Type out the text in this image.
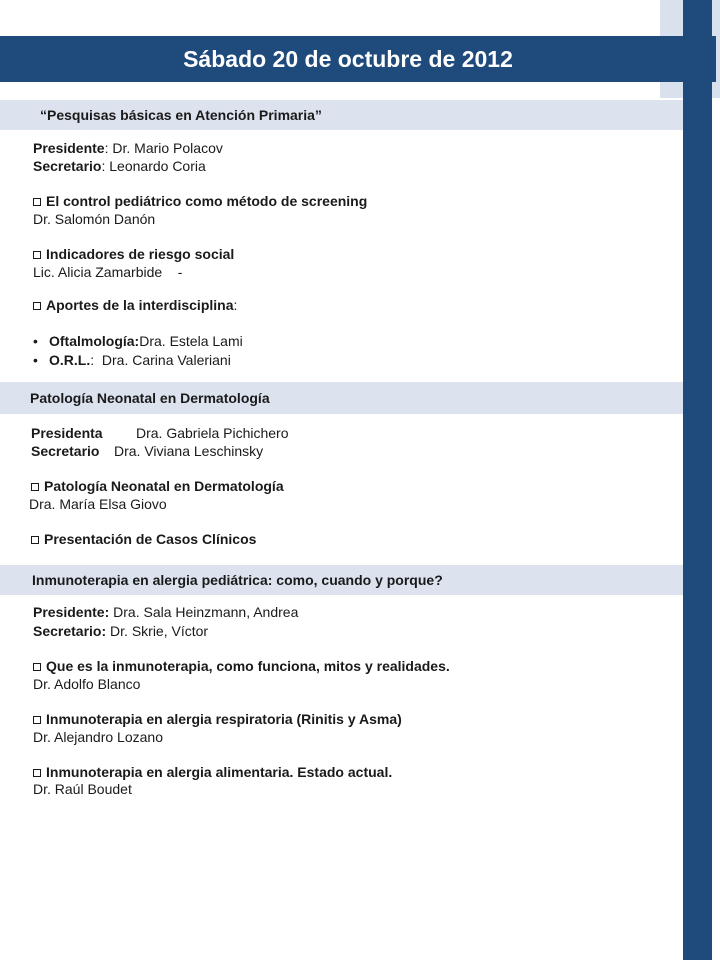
Sábado 20 de octubre de 2012
“Pesquisas básicas en Atención Primaria”
Presidente: Dr. Mario Polacov
Secretario: Leonardo Coria
El control pediátrico como método de screening
Dr. Salomón Danón
Indicadores de riesgo social
Lic. Alicia Zamarbide    -
Aportes de la interdisciplina:
• Oftalmología:Dra. Estela Lami
• O.R.L.:  Dra. Carina Valeriani
Patología Neonatal en Dermatología
Presidenta Dra. Gabriela Pichichero
Secretario Dra. Viviana Leschinsky
Patología Neonatal en Dermatología
Dra. María Elsa Giovo
Presentación de Casos Clínicos
Inmunoterapia en alergia pediátrica: como, cuando y porque?
Presidente: Dra. Sala Heinzmann, Andrea
Secretario: Dr. Skrie, Víctor
Que es la inmunoterapia, como funciona, mitos y realidades.
Dr. Adolfo Blanco
Inmunoterapia en alergia respiratoria (Rinitis y Asma)
Dr. Alejandro Lozano
Inmunoterapia en alergia alimentaria. Estado actual.
Dr. Raúl Boudet
